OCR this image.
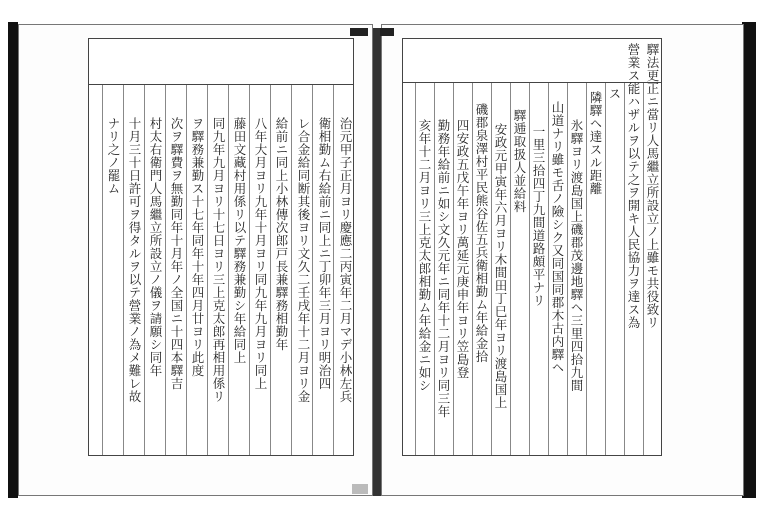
治元甲子正月ヨリ慶應二丙寅年二月マデ小林左兵
衛相勤ム右給前ニ同上ニ丁卯年三月ヨリ明治四
レ合金給同断其後ヨリ文久二壬戌年十二月ヨリ金
給前ニ同上小林傳次郎戸長兼驛務相勤年
八年大月ヨリ九年十月ヨリ同九年九月ヨリ同上
藤田文藏村用係リ以テ驛務兼勤シ年給同上
同九年九月ヨリ十七日ヨリ三上克太郎再相用係リ
ヲ驛務兼勤ス十七年同年十年四月廿ヨリ此度
次ヲ驛費ヲ無勤同年十月年ノ全国ニ十四本驛吉
村太右衛門人馬繼立所設立ノ儀ヲ請願シ同年
十月三十日許可ヲ得タルヲ以テ營業ノ為メ難レ故
ナリ之ノ罷ム	驛法更正ニ當リ人馬繼立所設立ノ上雖モ共役致リ
營業ス能ハザルヲ以テ之ヲ開キ人民協力ヲ達ス為
ス
隣驛ヘ達スル距離
氷驛ヨリ渡島国上磯郡茂邊地驛ヘ三里四拾九間
山道ナリ雖モ舌ノ險シク又同国同郡木古内驛ヘ
一里三拾四丁九間道路頗平ナリ
驛逓取扱人並給料
安政元甲寅年六月ヨリ木間田丁巳年ヨリ渡島国上
磯郡泉澤村平民熊谷佐五兵衛相勤ム年給金拾
四安政五戊午年ヨリ萬延元庚申年ヨリ笠島登
勤務年給前ニ如シ文久元年ニ同年十二月ヨリ同三年
亥年十二月ヨリ三上克太郎相勤ム年給金ニ如シ
